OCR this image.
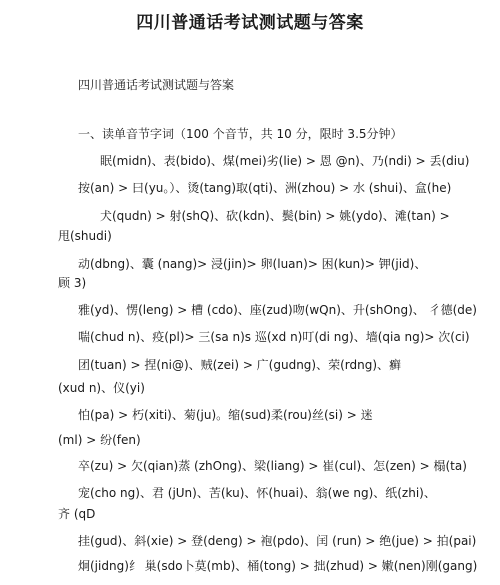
四川普通话考试测试题与答案
四川普通话考试测试题与答案
一、读单音节字词（100 个音节，共 10 分，限时 3.5分钟）
眠(midn)、表(bido)、煤(mei)劣(lie) > 恩 @n)、乃(ndi) > 丢(diu)
按(an) > 曰(yu。）、烫(tang)取(qti)、洲(zhou) > 水 (shui)、盒(he)
犬(qudn) > 射(shQ)、砍(kdn)、鬓(bin) > 姚(ydo)、滩(tan) >
甩(shudi)
动(dbng)、囊 (nang)> 浸(jin)> 卵(luan)> 困(kun)> 钾(jid)、
顾 3)
雅(yd)、愣(leng) > 槽 (cdo)、座(zud)吻(wQn)、升(shOng)、 彳德(de)
喘(chud n)、疫(pl)> 三(sa n)s 巡(xd n)叮(di ng)、墙(qia ng)> 次(ci)
团(tuan) > 捏(ni@)、贼(zei) > 广(gudng)、荣(rdng)、癣
(xud n)、仪(yi)
怕(pa) > 朽(xiti)、菊(ju)。缩(sud)柔(rou)丝(si) > 迷
(ml) > 纷(fen)
卒(zu) > 欠(qian)蒸 (zhOng)、梁(liang) > 崔(cul)、怎(zen) > 榻(ta)
宠(cho ng)、君 (jUn)、苦(ku)、怀(huai)、翁(we ng)、纸(zhi)、
齐 (qD
挂(gud)、斜(xie) > 登(deng) > 袍(pdo)、闰 (run) > 绝(jue) > 拍(pai)
炯(jidng)纟 巢(sdo卜莫(mb)、桶(tong) > 拙(zhud) > 嫩(nen)刚(gang)
